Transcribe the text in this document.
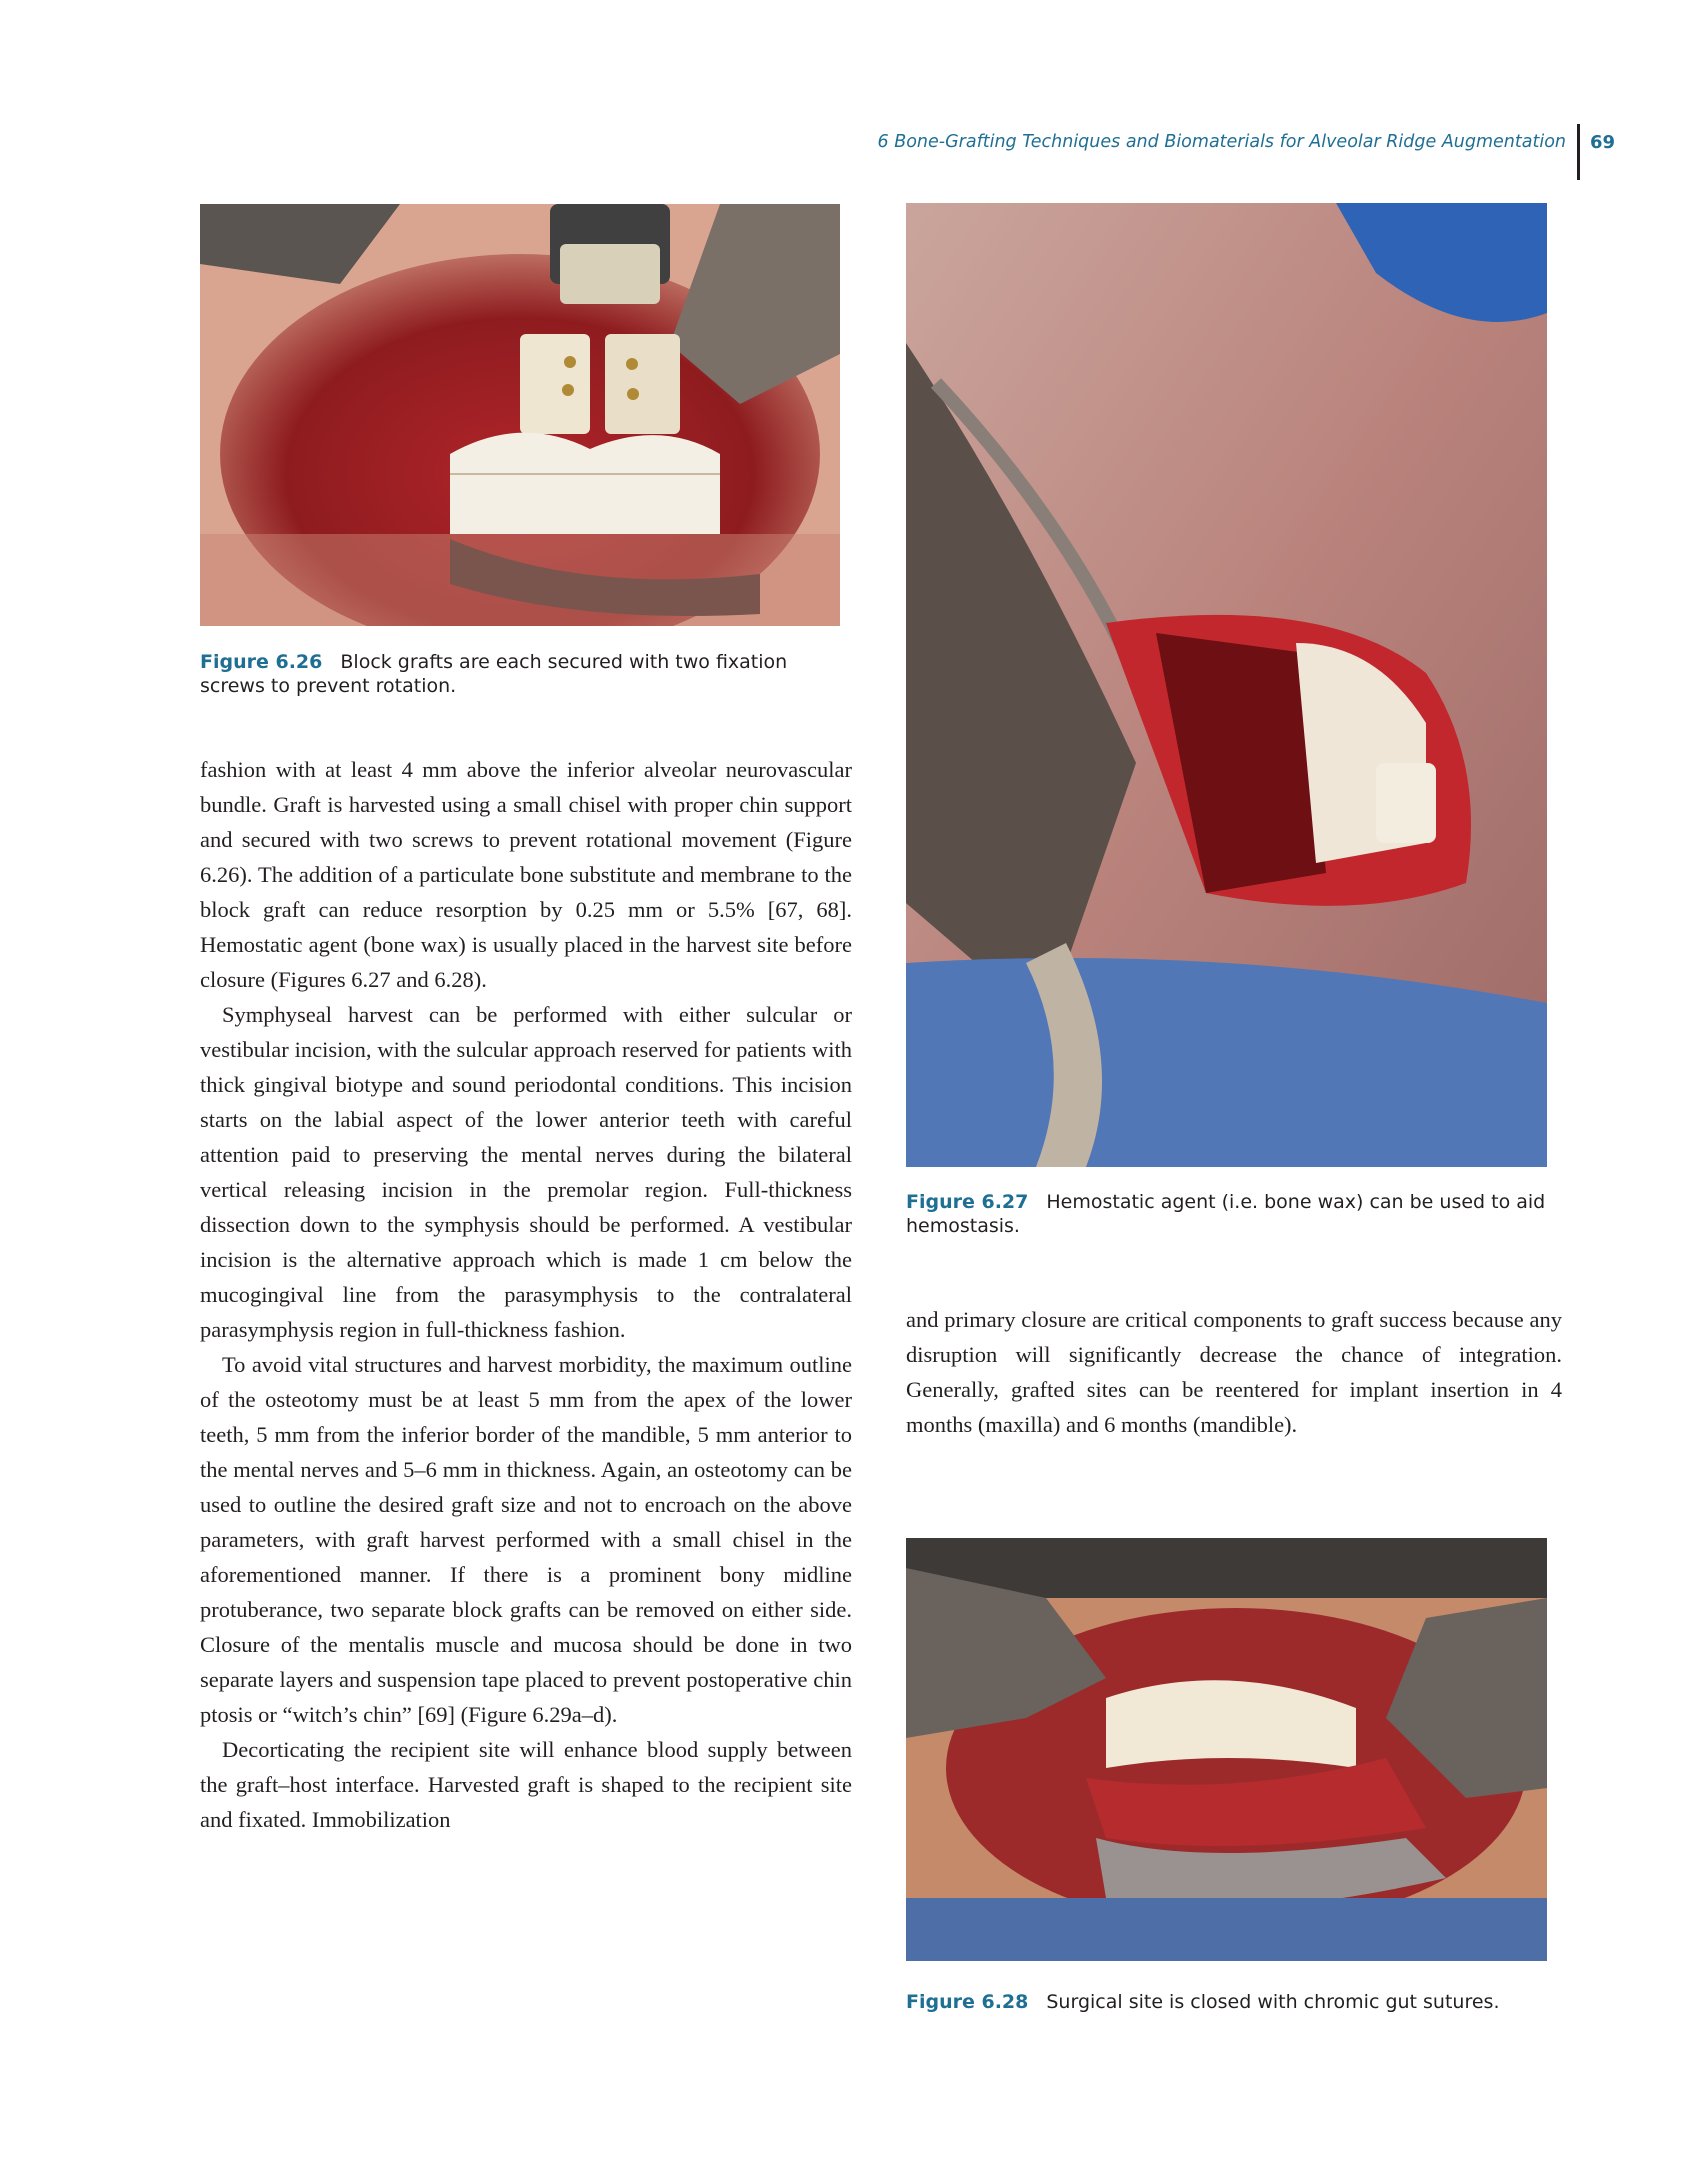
6 Bone-Grafting Techniques and Biomaterials for Alveolar Ridge Augmentation 69
Figure 6.26 Block grafts are each secured with two fixation screws to prevent rotation.

fashion with at least 4 mm above the inferior alveolar neurovascular bundle. Graft is harvested using a small chisel with proper chin support and secured with two screws to prevent rotational movement (Figure 6.26). The addition of a particulate bone substitute and membrane to the block graft can reduce resorption by 0.25 mm or 5.5% [67, 68]. Hemostatic agent (bone wax) is usually placed in the harvest site before closure (Figures 6.27 and 6.28).

Symphyseal harvest can be performed with either sulcular or vestibular incision, with the sulcular approach reserved for patients with thick gingival biotype and sound periodontal conditions. This incision starts on the labial aspect of the lower anterior teeth with careful attention paid to preserving the mental nerves during the bilateral vertical releasing incision in the premolar region. Full-thickness dissection down to the symphysis should be performed. A vestibular incision is the alternative approach which is made 1 cm below the mucogingival line from the parasymphysis to the contralateral parasymphysis region in full-thickness fashion.

To avoid vital structures and harvest morbidity, the maximum outline of the osteotomy must be at least 5 mm from the apex of the lower teeth, 5 mm from the inferior border of the mandible, 5 mm anterior to the mental nerves and 5–6 mm in thickness. Again, an osteotomy can be used to outline the desired graft size and not to encroach on the above parameters, with graft harvest performed with a small chisel in the aforementioned manner. If there is a prominent bony midline protuberance, two separate block grafts can be removed on either side. Closure of the mentalis muscle and mucosa should be done in two separate layers and suspension tape placed to prevent postoperative chin ptosis or “witch’s chin” [69] (Figure 6.29a–d).

Decorticating the recipient site will enhance blood supply between the graft–host interface. Harvested graft is shaped to the recipient site and fixated. Immobilization

Figure 6.27 Hemostatic agent (i.e. bone wax) can be used to aid hemostasis.

and primary closure are critical components to graft success because any disruption will significantly decrease the chance of integration. Generally, grafted sites can be reentered for implant insertion in 4 months (maxilla) and 6 months (mandible).

Figure 6.28 Surgical site is closed with chromic gut sutures.
